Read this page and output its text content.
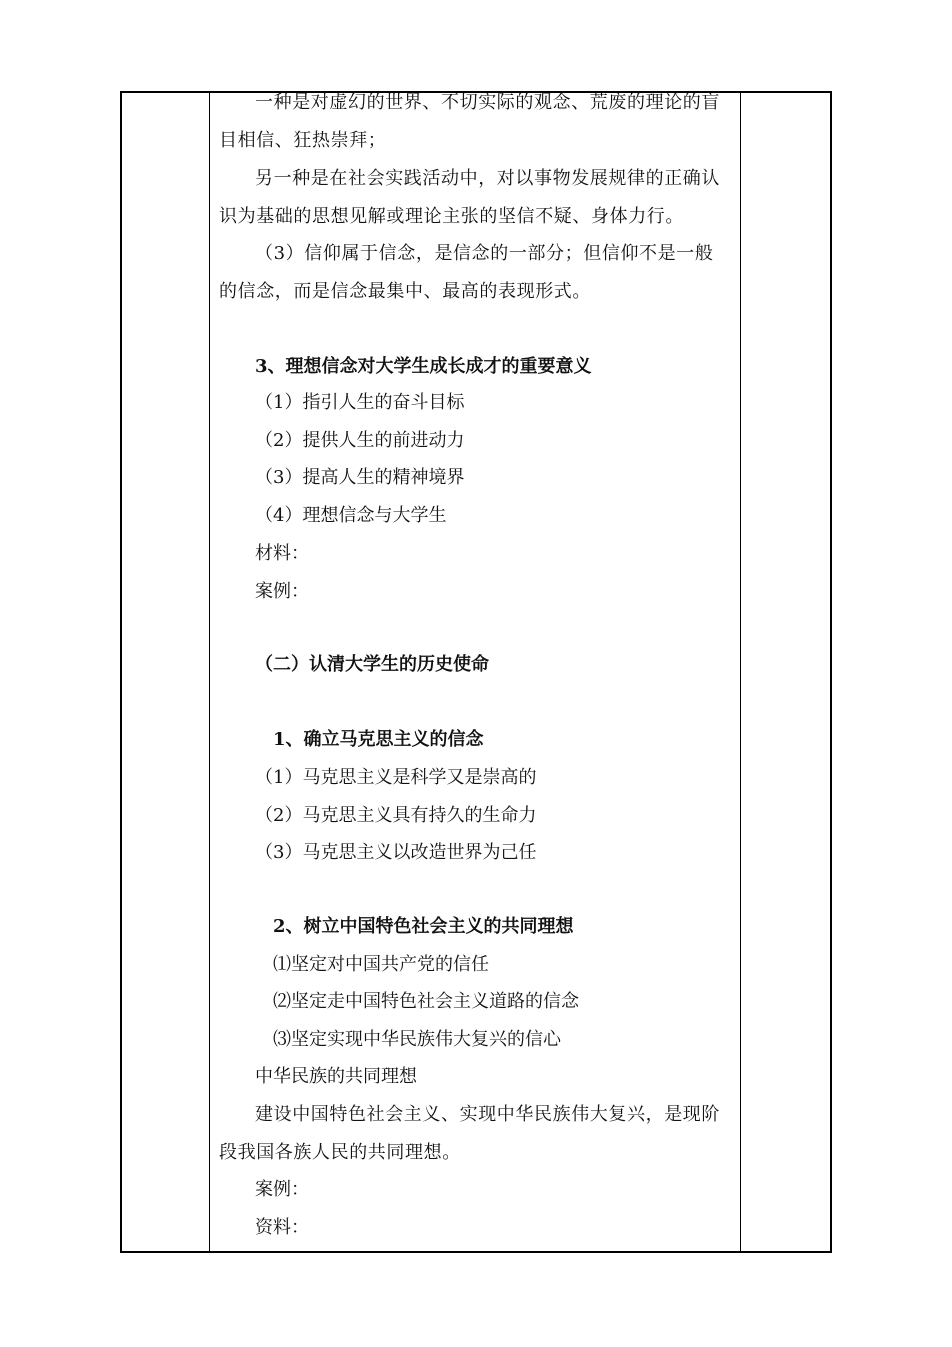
一种是对虚幻的世界、不切实际的观念、荒废的理论的盲
目相信、狂热崇拜；
另一种是在社会实践活动中，对以事物发展规律的正确认
识为基础的思想见解或理论主张的坚信不疑、身体力行。
（3）信仰属于信念，是信念的一部分；但信仰不是一般
的信念，而是信念最集中、最高的表现形式。
3、理想信念对大学生成长成才的重要意义
（1）指引人生的奋斗目标
（2）提供人生的前进动力
（3）提高人生的精神境界
（4）理想信念与大学生
材料：
案例：
（二）认清大学生的历史使命
1、确立马克思主义的信念
（1）马克思主义是科学又是崇高的
（2）马克思主义具有持久的生命力
（3）马克思主义以改造世界为己任
2、树立中国特色社会主义的共同理想
⑴坚定对中国共产党的信任
⑵坚定走中国特色社会主义道路的信念
⑶坚定实现中华民族伟大复兴的信心
中华民族的共同理想
建设中国特色社会主义、实现中华民族伟大复兴，是现阶
段我国各族人民的共同理想。
案例：
资料：
